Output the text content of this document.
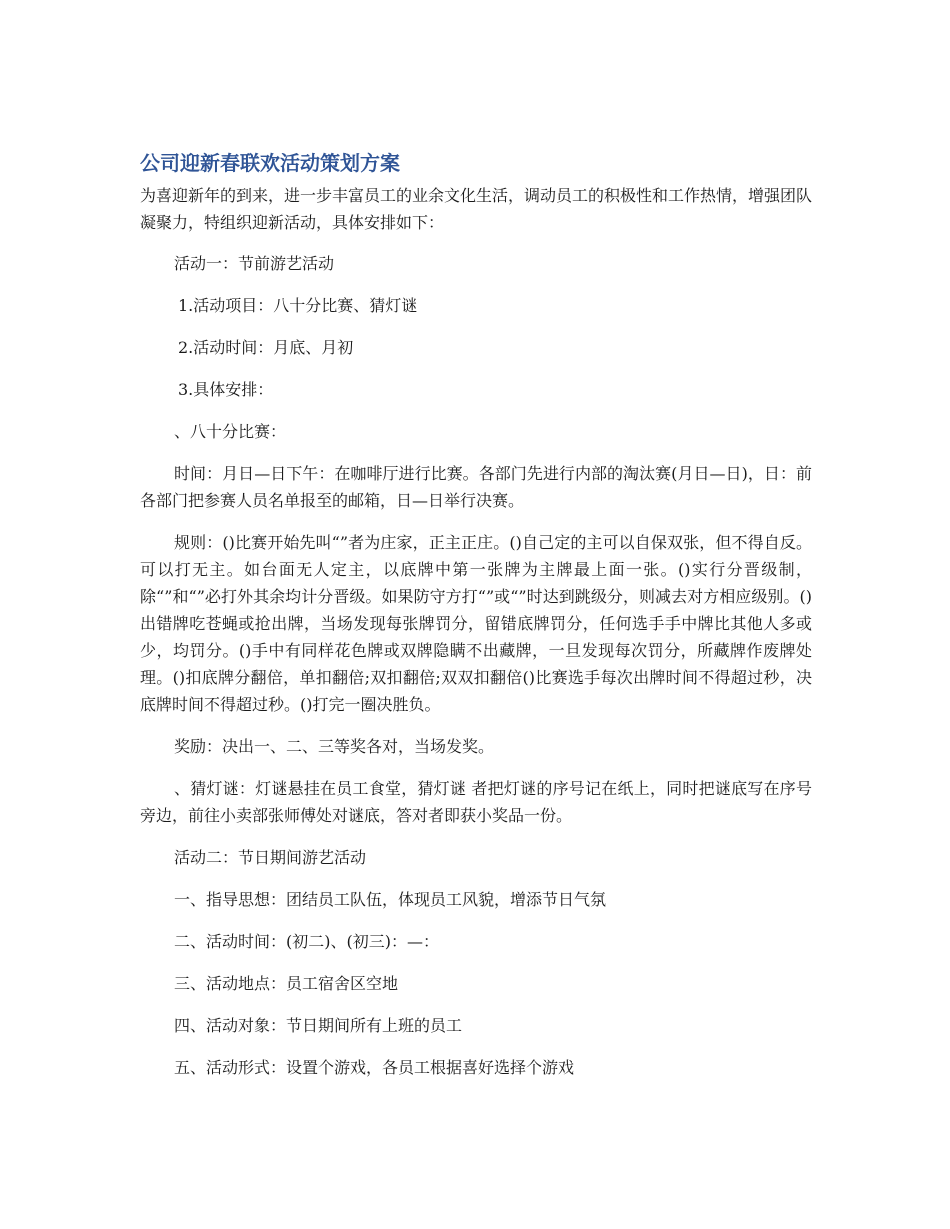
公司迎新春联欢活动策划方案

为喜迎新年的到来，进一步丰富员工的业余文化生活，调动员工的积极性和工作热情，增强团队凝聚力，特组织迎新活动，具体安排如下：

活动一：节前游艺活动

1.活动项目：八十分比赛、猜灯谜

2.活动时间：月底、月初

3.具体安排：

、八十分比赛：

时间：月日—日下午：在咖啡厅进行比赛。各部门先进行内部的淘汰赛(月日—日)，日：前各部门把参赛人员名单报至的邮箱，日—日举行决赛。

规则：()比赛开始先叫“”者为庄家，正主正庄。()自己定的主可以自保双张，但不得自反。可以打无主。如台面无人定主，以底牌中第一张牌为主牌最上面一张。()实行分晋级制，除“”和“”必打外其余均计分晋级。如果防守方打“”或“”时达到跳级分，则减去对方相应级别。()出错牌吃苍蝇或抢出牌，当场发现每张牌罚分，留错底牌罚分，任何选手手中牌比其他人多或少，均罚分。()手中有同样花色牌或双牌隐瞒不出藏牌，一旦发现每次罚分，所藏牌作废牌处理。()扣底牌分翻倍，单扣翻倍;双扣翻倍;双双扣翻倍()比赛选手每次出牌时间不得超过秒，决底牌时间不得超过秒。()打完一圈决胜负。

奖励：决出一、二、三等奖各对，当场发奖。

、猜灯谜：灯谜悬挂在员工食堂，猜灯谜 者把灯谜的序号记在纸上，同时把谜底写在序号旁边，前往小卖部张师傅处对谜底，答对者即获小奖品一份。

活动二：节日期间游艺活动

一、指导思想：团结员工队伍，体现员工风貌，增添节日气氛

二、活动时间：(初二)、(初三)：—：

三、活动地点：员工宿舍区空地

四、活动对象：节日期间所有上班的员工

五、活动形式：设置个游戏，各员工根据喜好选择个游戏
